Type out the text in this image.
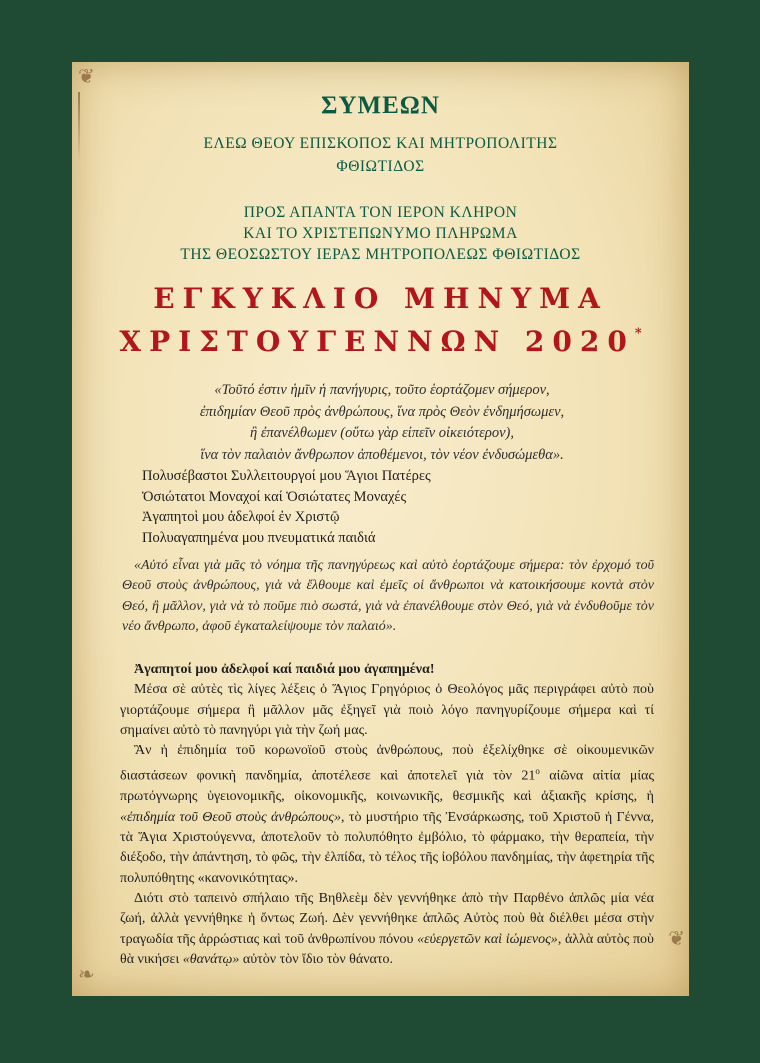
❦
❧
❦
ΣΥΜΕΩΝ
ΕΛΕΩ ΘΕΟΥ ΕΠΙΣΚΟΠΟΣ ΚΑΙ ΜΗΤΡΟΠΟΛΙΤΗΣ
ΦΘΙΩΤΙΔΟΣ
ΠΡΟΣ ΑΠΑΝΤΑ ΤΟΝ ΙΕΡΟΝ ΚΛΗΡΟΝ
ΚΑΙ ΤΟ ΧΡΙΣΤΕΠΩΝΥΜΟ ΠΛΗΡΩΜΑ
ΤΗΣ ΘΕΟΣΩΣΤΟΥ ΙΕΡΑΣ ΜΗΤΡΟΠΟΛΕΩΣ ΦΘΙΩΤΙΔΟΣ
ΕΓΚΥΚΛΙΟ ΜΗΝΥΜΑ
ΧΡΙΣΤΟΥΓΕΝΝΩΝ 2020*
«Τοῦτό ἐστιν ἡμῖν ἡ πανήγυρις, τοῦτο ἑορτάζομεν σήμερον,
ἐπιδημίαν Θεοῦ πρὸς ἀνθρώπους, ἵνα πρὸς Θεὸν ἐνδημήσωμεν,
ἢ ἐπανέλθωμεν (οὕτω γὰρ εἰπεῖν οἰκειότερον),
ἵνα τὸν παλαιὸν ἄνθρωπον ἀποθέμενοι, τὸν νέον ἐνδυσώμεθα».
Πολυσέβαστοι Συλλειτουργοί μου Ἅγιοι Πατέρες
Ὁσιώτατοι Μοναχοί καί Ὁσιώτατες Μοναχές
Ἀγαπητοὶ μου ἀδελφοί ἐν Χριστῷ
Πολυαγαπημένα μου πνευματικά παιδιά
«Αὐτό εἶναι γιὰ μᾶς τὸ νόημα τῆς πανηγύρεως καὶ αὐτὸ ἑορτάζουμε σήμερα: τὸν ἐρχομό τοῦ Θεοῦ στοὺς ἀνθρώπους, γιὰ νὰ ἔλθουμε καὶ ἐμεῖς οἱ ἄνθρωποι νὰ κατοικήσουμε κοντὰ στὸν Θεό, ἢ μᾶλλον, γιὰ νὰ τὸ ποῦμε πιὸ σωστά, γιὰ νὰ ἐπανέλθουμε στὸν Θεό, γιὰ νὰ ἐνδυθοῦμε τὸν νέο ἄνθρωπο, ἀφοῦ ἐγκαταλείψουμε τὸν παλαιό».

Ἀγαπητοί μου ἀδελφοί καί παιδιά μου ἀγαπημένα!

Μέσα σὲ αὐτὲς τὶς λίγες λέξεις ὁ Ἅγιος Γρηγόριος ὁ Θεολόγος μᾶς περιγράφει αὐτὸ ποὺ γιορτάζουμε σήμερα ἢ μᾶλλον μᾶς ἐξηγεῖ γιὰ ποιὸ λόγο πανηγυρίζουμε σήμερα καὶ τί σημαίνει αὐτὸ τὸ πανηγύρι γιὰ τὴν ζωή μας.

Ἂν ἡ ἐπιδημία τοῦ κορωνοϊοῦ στοὺς ἀνθρώπους, ποὺ ἐξελίχθηκε σὲ οἰκουμενικῶν διαστάσεων φονικὴ πανδημία, ἀποτέλεσε καὶ ἀποτελεῖ γιὰ τὸν $21^o$ αἰῶνα αἰτία μίας πρωτόγνωρης ὑγειονομικῆς, οἰκονομικῆς, κοινωνικῆς, θεσμικῆς καὶ ἀξιακῆς κρίσης, ἡ «ἐπιδημία τοῦ Θεοῦ στοὺς ἀνθρώπους», τὸ μυστήριο τῆς Ἐνσάρκωσης, τοῦ Χριστοῦ ἡ Γέννα, τὰ Ἅγια Χριστούγεννα, ἀποτελοῦν τὸ πολυπόθητο ἐμβόλιο, τὸ φάρμακο, τὴν θεραπεία, τὴν διέξοδο, τὴν ἀπάντηση, τὸ φῶς, τὴν ἐλπίδα, τὸ τέλος τῆς ἰοβόλου πανδημίας, τὴν ἀφετηρία τῆς πολυπόθητης «κανονικότητας».

Διότι στὸ ταπεινὸ σπήλαιο τῆς Βηθλεὲμ δὲν γεννήθηκε ἀπὸ τὴν Παρθένο ἁπλῶς μία νέα ζωή, ἀλλὰ γεννήθηκε ἡ ὄντως Ζωή. Δὲν γεννήθηκε ἁπλῶς Αὐτὸς ποὺ θὰ διέλθει μέσα στὴν τραγωδία τῆς ἀρρώστιας καὶ τοῦ ἀνθρωπίνου πόνου «εὐεργετῶν καὶ ἰώμενος», ἀλλὰ αὐτὸς ποὺ θὰ νικήσει «θανάτῳ» αὐτὸν τὸν ἴδιο τὸν θάνατο.
